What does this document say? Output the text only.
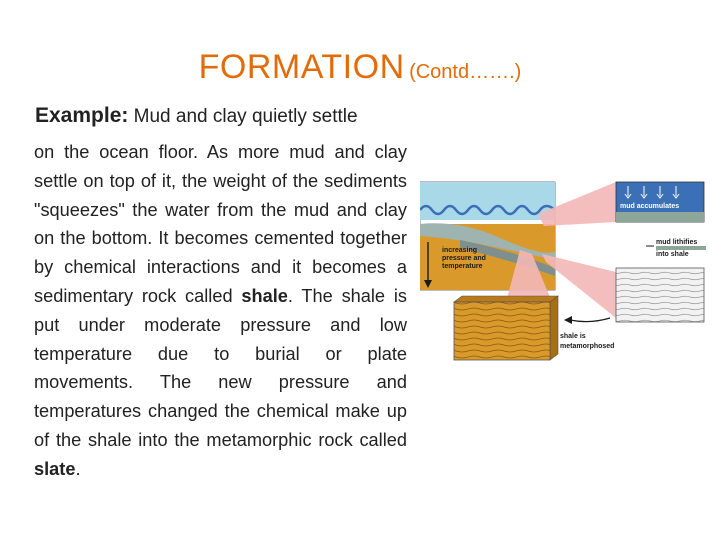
FORMATION (Contd…….)
Example: Mud and clay quietly settle
on the ocean floor. As more mud and clay settle on top of it, the weight of the sediments "squeezes" the water from the mud and clay on the bottom. It becomes cemented together by chemical interactions and it becomes a sedimentary rock called shale. The shale is put under moderate pressure and low temperature due to burial or plate movements. The new pressure and temperatures changed the chemical make up of the shale into the metamorphic rock called slate.
increasing
pressure and
temperature
mud accumulates
mud lithifies
into shale
shale is
metamorphosed
